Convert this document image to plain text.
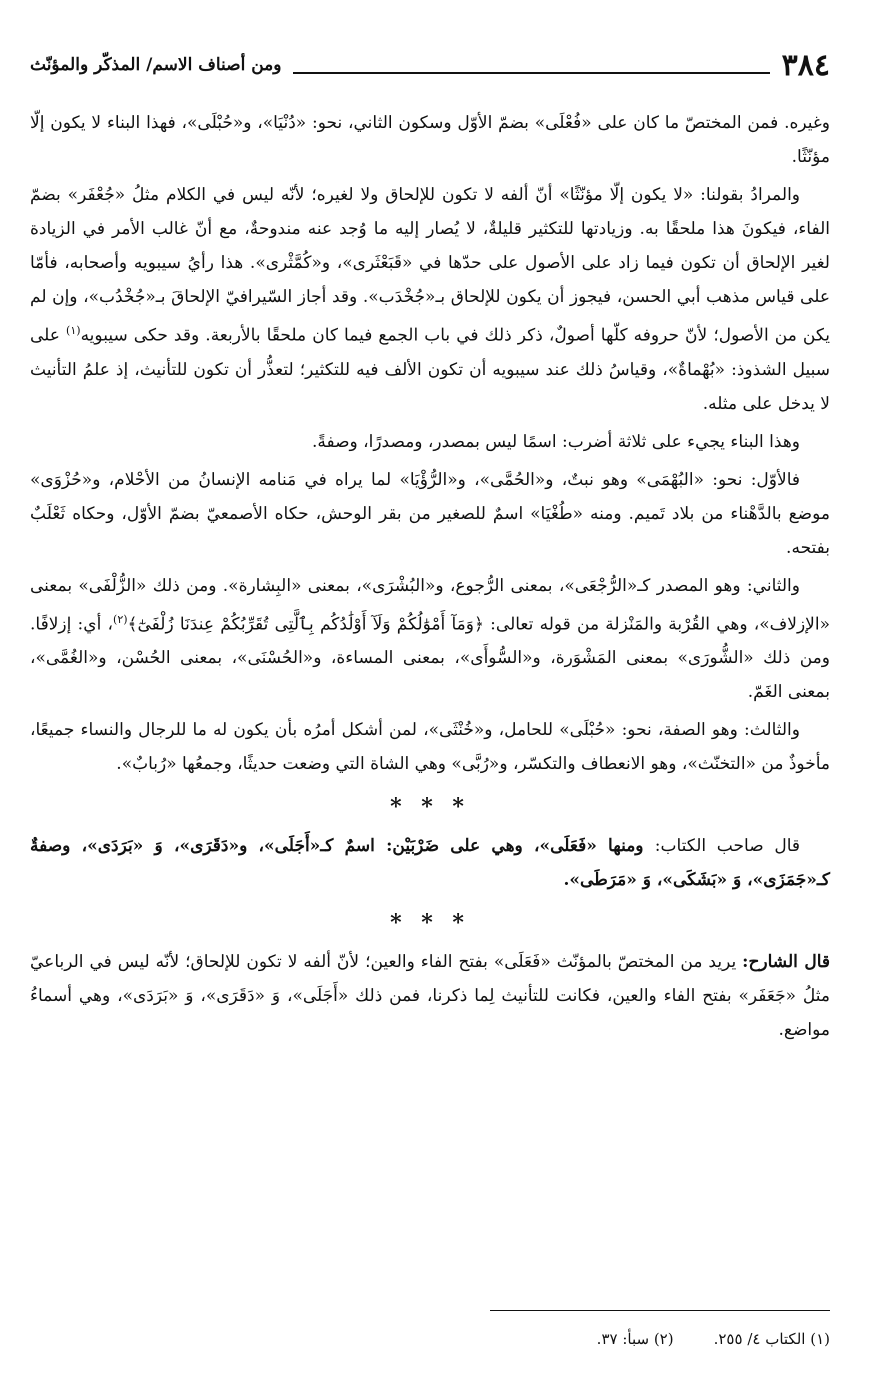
٣٨٤
ومن أصناف الاسم/ المذكّر والمؤنّث

وغيره. فمن المختصّ ما كان على «فُعْلَى» بضمّ الأوّل وسكون الثاني، نحو: «دُنْيَا»، و«حُبْلَى»، فهذا البناء لا يكون إلّا مؤنّثًا.

والمرادُ بقولنا: «لا يكون إلّا مؤنّثًا» أنّ ألفه لا تكون للإلحاق ولا لغيره؛ لأنّه ليس في الكلام مثلُ «جُعْفَر» بضمّ الفاء، فيكونَ هذا ملحقًا به. وزيادتها للتكثير قليلةٌ، لا يُصار إليه ما وُجد عنه مندوحةٌ، مع أنّ غالب الأمر في الزيادة لغير الإلحاق أن تكون فيما زاد على الأصول على حدّها في «قَبَعْثَرى»، و«كُمَّثْرى». هذا رأيُ سيبويه وأصحابه، فأمّا على قياس مذهب أبي الحسن، فيجوز أن يكون للإلحاق بـ«جُخْدَب». وقد أجاز السّيرافيّ الإلحاقَ بـ«جُخْدُب»، وإن لم يكن من الأصول؛ لأنّ حروفه كلّها أصولٌ، ذكر ذلك في باب الجمع فيما كان ملحقًا بالأربعة. وقد حكى سيبويه$^{(١)}$ على سبيل الشذوذ: «بُهْماةٌ»، وقياسُ ذلك عند سيبويه أن تكون الألف فيه للتكثير؛ لتعذُّر أن تكون للتأنيث، إذ علمُ التأنيث لا يدخل على مثله.

وهذا البناء يجيء على ثلاثة أضرب: اسمًا ليس بمصدر، ومصدرًا، وصفةً.

فالأوّل: نحو: «البُهْمَى» وهو نبتٌ، و«الحُمَّى»، و«الرُّؤْيَا» لما يراه في مَنامه الإنسانُ من الأحْلام، و«حُزْوَى» موضع بالدَّهْناء من بلاد تَميم. ومنه «طُغْيَا» اسمٌ للصغير من بقر الوحش، حكاه الأصمعيّ بضمّ الأوّل، وحكاه ثَعْلَبٌ بفتحه.

والثاني: وهو المصدر كـ«الرُّجْعَى»، بمعنى الرُّجوع، و«البُشْرَى»، بمعنى «البِشارة». ومن ذلك «الزُّلْفَى» بمعنى «الإزلاف»، وهي القُرْبة والمَنْزلة من قوله تعالى: ﴿وَمَآ أَمْوَٰلُكُمْ وَلَآ أَوْلَٰدُكُم بِٱلَّتِى تُقَرِّبُكُمْ عِندَنَا زُلْفَىٰٓ﴾$^{(٢)}$، أي: إزلافًا. ومن ذلك «الشُّورَى» بمعنى المَشْوَرة، و«السُّوأَى»، بمعنى المساءة، و«الحُسْنَى»، بمعنى الحُسْن، و«الغُمَّى»، بمعنى الغَمّ.

والثالث: وهو الصفة، نحو: «حُبْلَى» للحامل، و«خُنْثَى»، لمن أشكل أمرُه بأن يكون له ما للرجال والنساء جميعًا، مأخوذٌ من «التخنّث»، وهو الانعطاف والتكسّر، و«رُبَّى» وهي الشاة التي وضعت حديثًا، وجمعُها «رُبابٌ».

* * *

قال صاحب الكتاب: ومنها «فَعَلَى»، وهي على ضَرْبَيْن: اسمٌ كـ«أَجَلَى»، و«دَقَرَى»، وَ «بَرَدَى»، وصفةٌ كـ«جَمَزَى»، وَ «بَشَكَى»، وَ «مَرَطَى».

* * *

قال الشارح: يريد من المختصّ بالمؤنّث «فَعَلَى» بفتح الفاء والعين؛ لأنّ ألفه لا تكون للإلحاق؛ لأنّه ليس في الرباعيّ مثلُ «جَعَفَر» بفتح الفاء والعين، فكانت للتأنيث لِما ذكرنا، فمن ذلك «أَجَلَى»، وَ «دَقَرَى»، وَ «بَرَدَى»، وهي أسماءُ مواضع.

(١) الكتاب ٤/ ٢٥٥.
(٢) سبأ: ٣٧.
